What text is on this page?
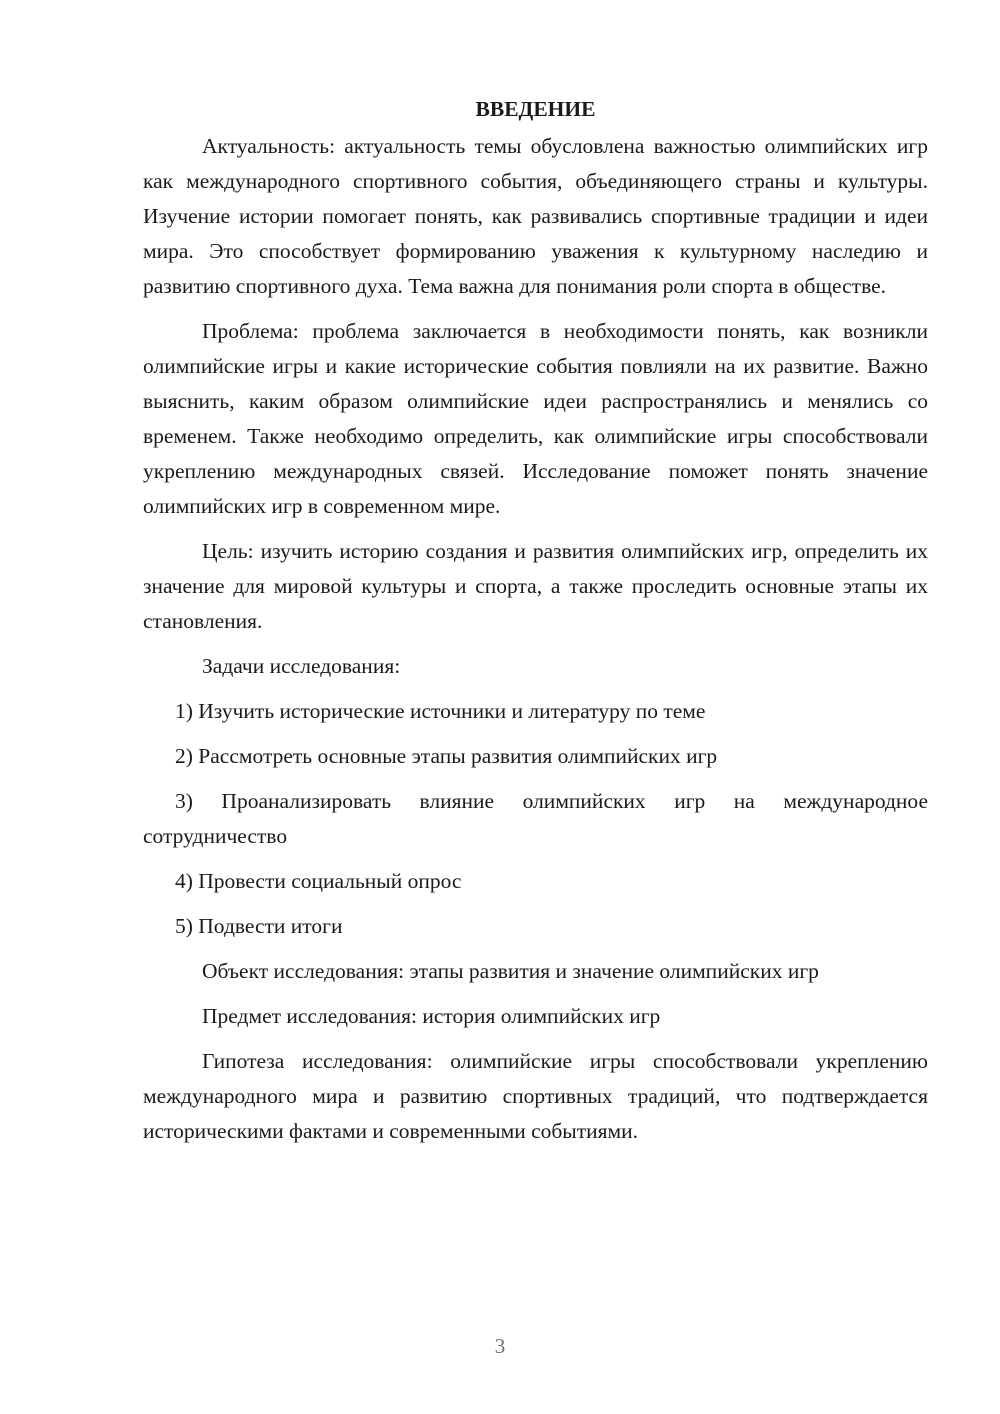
ВВЕДЕНИЕ

Актуальность: актуальность темы обусловлена важностью олимпийских игр как международного спортивного события, объединяющего страны и культуры. Изучение истории помогает понять, как развивались спортивные традиции и идеи мира. Это способствует формированию уважения к культурному наследию и развитию спортивного духа. Тема важна для понимания роли спорта в обществе.

Проблема: проблема заключается в необходимости понять, как возникли олимпийские игры и какие исторические события повлияли на их развитие. Важно выяснить, каким образом олимпийские идеи распространялись и менялись со временем. Также необходимо определить, как олимпийские игры способствовали укреплению международных связей. Исследование поможет понять значение олимпийских игр в современном мире.

Цель: изучить историю создания и развития олимпийских игр, определить их значение для мировой культуры и спорта, а также проследить основные этапы их становления.

Задачи исследования:

1) Изучить исторические источники и литературу по теме

2) Рассмотреть основные этапы развития олимпийских игр

3) Проанализировать влияние олимпийских игр на международное сотрудничество

4) Провести социальный опрос

5) Подвести итоги

Объект исследования: этапы развития и значение олимпийских игр

Предмет исследования: история олимпийских игр

Гипотеза исследования: олимпийские игры способствовали укреплению международного мира и развитию спортивных традиций, что подтверждается историческими фактами и современными событиями.

3
